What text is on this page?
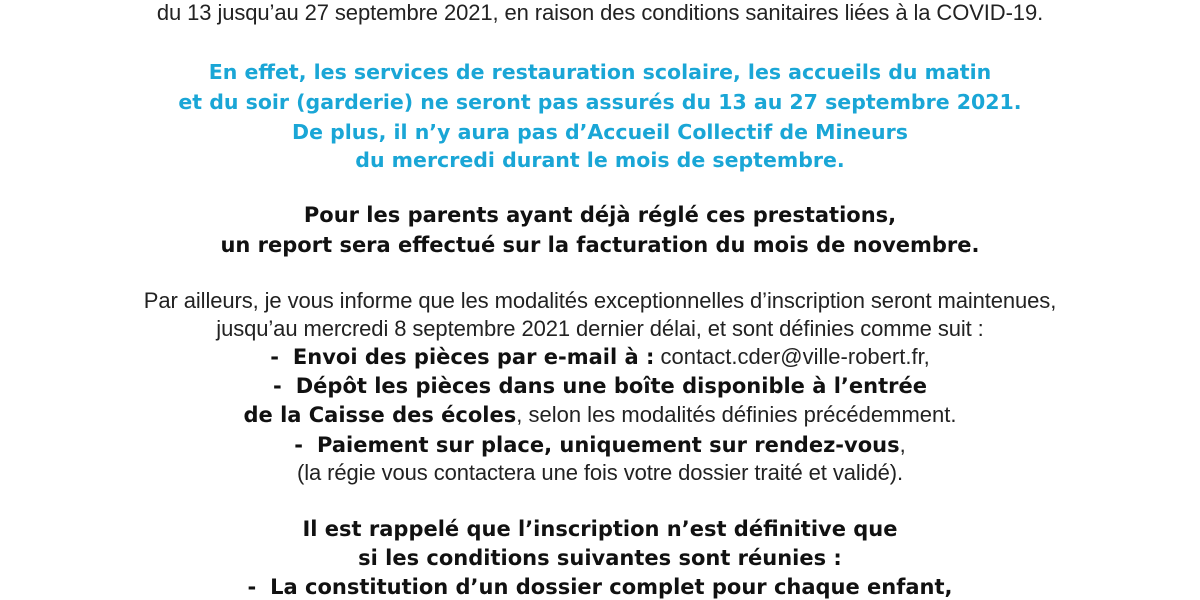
du 13 jusqu’au 27 septembre 2021, en raison des conditions sanitaires liées à la COVID-19.
En effet, les services de restauration scolaire, les accueils du matin
et du soir (garderie) ne seront pas assurés du 13 au 27 septembre 2021.
De plus, il n’y aura pas d’Accueil Collectif de Mineurs
du mercredi durant le mois de septembre.
Pour les parents ayant déjà réglé ces prestations,
un report sera effectué sur la facturation du mois de novembre.
Par ailleurs, je vous informe que les modalités exceptionnelles d’inscription seront maintenues,
jusqu’au mercredi 8 septembre 2021 dernier délai, et sont définies comme suit :
- Envoi des pièces par e-mail à : contact.cder@ville-robert.fr,
- Dépôt les pièces dans une boîte disponible à l’entrée
de la Caisse des écoles, selon les modalités définies précédemment.
- Paiement sur place, uniquement sur rendez-vous,
(la régie vous contactera une fois votre dossier traité et validé).
Il est rappelé que l’inscription n’est définitive que
si les conditions suivantes sont réunies :
- La constitution d’un dossier complet pour chaque enfant,
